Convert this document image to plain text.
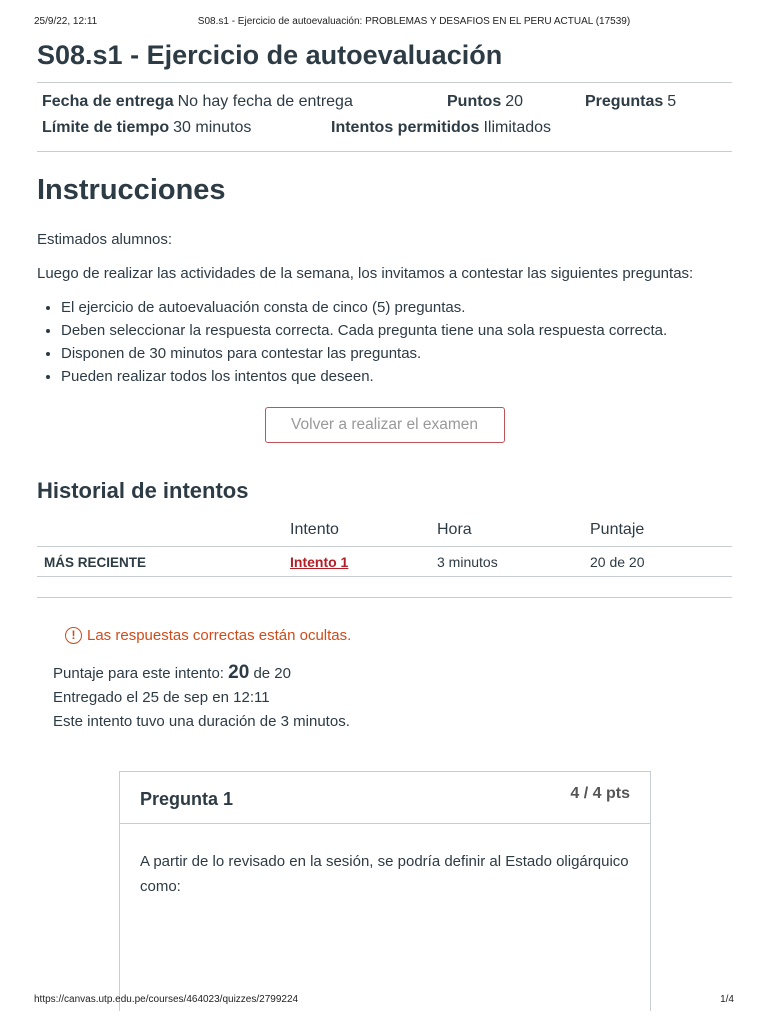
25/9/22, 12:11	S08.s1 - Ejercicio de autoevaluación: PROBLEMAS Y DESAFIOS EN EL PERU ACTUAL (17539)
S08.s1 - Ejercicio de autoevaluación
Fecha de entrega No hay fecha de entrega	Puntos 20	Preguntas 5
Límite de tiempo 30 minutos	Intentos permitidos Ilimitados
Instrucciones

Estimados alumnos:

Luego de realizar las actividades de la semana, los invitamos a contestar las siguientes preguntas:

• El ejercicio de autoevaluación consta de cinco (5) preguntas.
• Deben seleccionar la respuesta correcta. Cada pregunta tiene una sola respuesta correcta.
• Disponen de 30 minutos para contestar las preguntas.
• Pueden realizar todos los intentos que deseen.
Volver a realizar el examen
Historial de intentos
	Intento	Hora	Puntaje
MÁS RECIENTE	Intento 1	3 minutos	20 de 20
! Las respuestas correctas están ocultas.
Puntaje para este intento: 20 de 20
Entregado el 25 de sep en 12:11
Este intento tuvo una duración de 3 minutos.
Pregunta 1	4 / 4 pts
A partir de lo revisado en la sesión, se podría definir al Estado oligárquico como:
https://canvas.utp.edu.pe/courses/464023/quizzes/2799224	1/4
